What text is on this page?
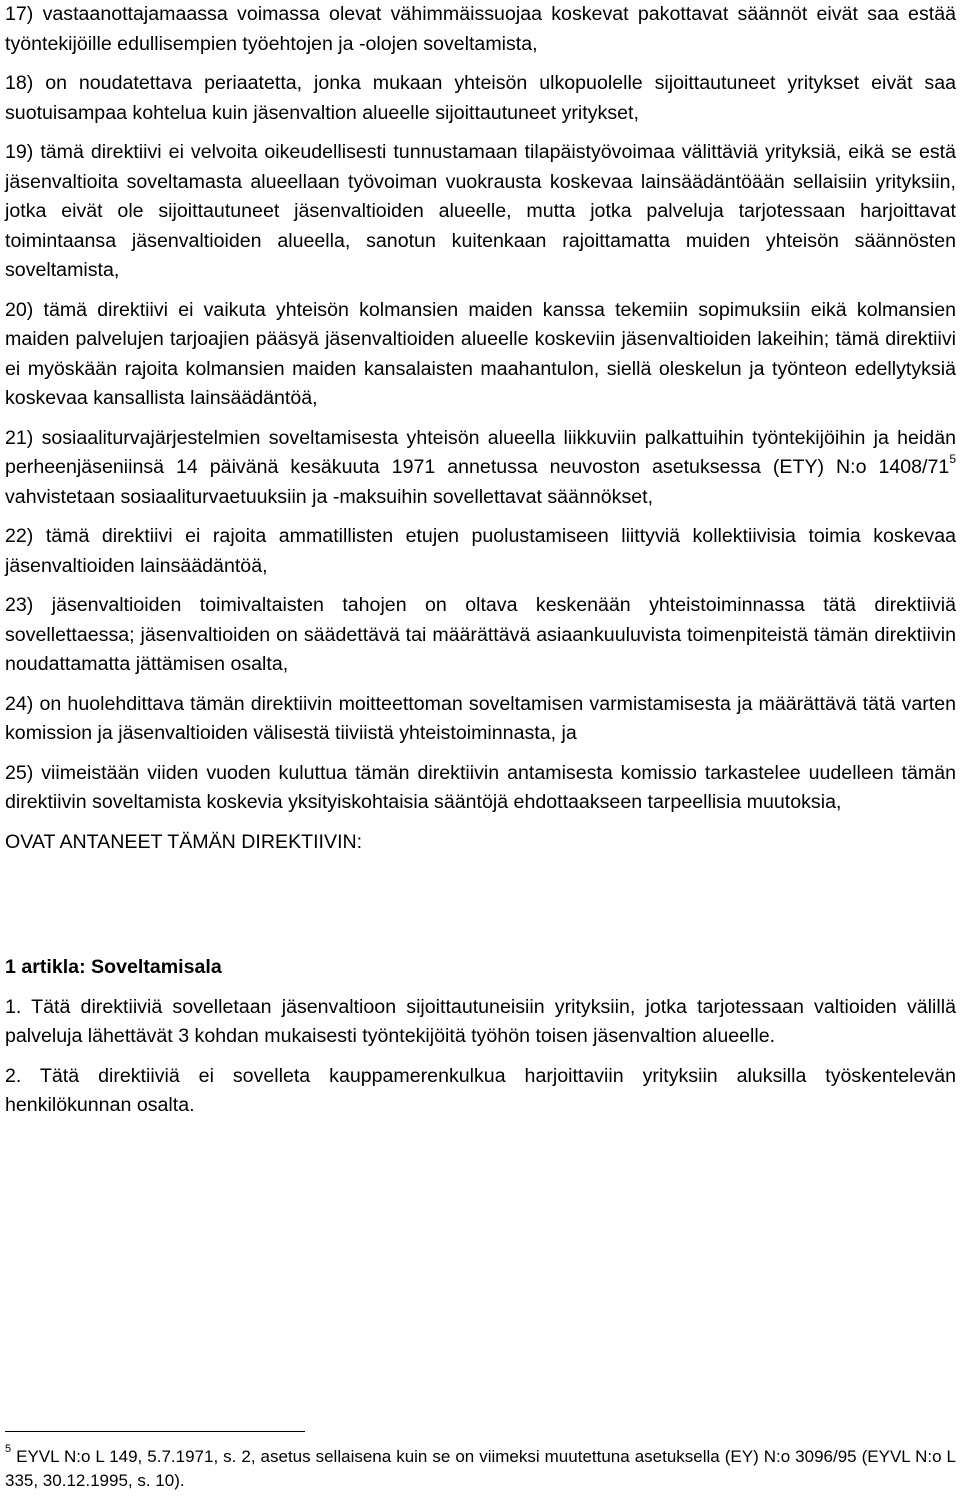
17) vastaanottajamaassa voimassa olevat vähimmäissuojaa koskevat pakottavat säännöt eivät saa estää työntekijöille edullisempien työehtojen ja -olojen soveltamista,

18) on noudatettava periaatetta, jonka mukaan yhteisön ulkopuolelle sijoittautuneet yritykset eivät saa suotuisampaa kohtelua kuin jäsenvaltion alueelle sijoittautuneet yritykset,

19) tämä direktiivi ei velvoita oikeudellisesti tunnustamaan tilapäistyövoimaa välittäviä yrityksiä, eikä se estä jäsenvaltioita soveltamasta alueellaan työvoiman vuokrausta koskevaa lainsäädäntöään sellaisiin yrityksiin, jotka eivät ole sijoittautuneet jäsenvaltioiden alueelle, mutta jotka palveluja tarjotessaan harjoittavat toimintaansa jäsenvaltioiden alueella, sanotun kuitenkaan rajoittamatta muiden yhteisön säännösten soveltamista,

20) tämä direktiivi ei vaikuta yhteisön kolmansien maiden kanssa tekemiin sopimuksiin eikä kolmansien maiden palvelujen tarjoajien pääsyä jäsenvaltioiden alueelle koskeviin jäsenvaltioiden lakeihin; tämä direktiivi ei myöskään rajoita kolmansien maiden kansalaisten maahantulon, siellä oleskelun ja työnteon edellytyksiä koskevaa kansallista lainsäädäntöä,

21) sosiaaliturvajärjestelmien soveltamisesta yhteisön alueella liikkuviin palkattuihin työntekijöihin ja heidän perheenjäseniinsä 14 päivänä kesäkuuta 1971 annetussa neuvoston asetuksessa (ETY) N:o $1408/71^5$ vahvistetaan sosiaaliturvaetuuksiin ja -maksuihin sovellettavat säännökset,

22) tämä direktiivi ei rajoita ammatillisten etujen puolustamiseen liittyviä kollektiivisia toimia koskevaa jäsenvaltioiden lainsäädäntöä,

23) jäsenvaltioiden toimivaltaisten tahojen on oltava keskenään yhteistoiminnassa tätä direktiiviä sovellettaessa; jäsenvaltioiden on säädettävä tai määrättävä asiaankuuluvista toimenpiteistä tämän direktiivin noudattamatta jättämisen osalta,

24) on huolehdittava tämän direktiivin moitteettoman soveltamisen varmistamisesta ja määrättävä tätä varten komission ja jäsenvaltioiden välisestä tiiviistä yhteistoiminnasta, ja

25) viimeistään viiden vuoden kuluttua tämän direktiivin antamisesta komissio tarkastelee uudelleen tämän direktiivin soveltamista koskevia yksityiskohtaisia sääntöjä ehdottaakseen tarpeellisia muutoksia,

OVAT ANTANEET TÄMÄN DIREKTIIVIN:

1 artikla: Soveltamisala

1. Tätä direktiiviä sovelletaan jäsenvaltioon sijoittautuneisiin yrityksiin, jotka tarjotessaan valtioiden välillä palveluja lähettävät 3 kohdan mukaisesti työntekijöitä työhön toisen jäsenvaltion alueelle.

2. Tätä direktiiviä ei sovelleta kauppamerenkulkua harjoittaviin yrityksiin aluksilla työskentelevän henkilökunnan osalta.

$^5$ EYVL N:o L 149, 5.7.1971, s. 2, asetus sellaisena kuin se on viimeksi muutettuna asetuksella (EY) N:o 3096/95 (EYVL N:o L 335, 30.12.1995, s. 10).
